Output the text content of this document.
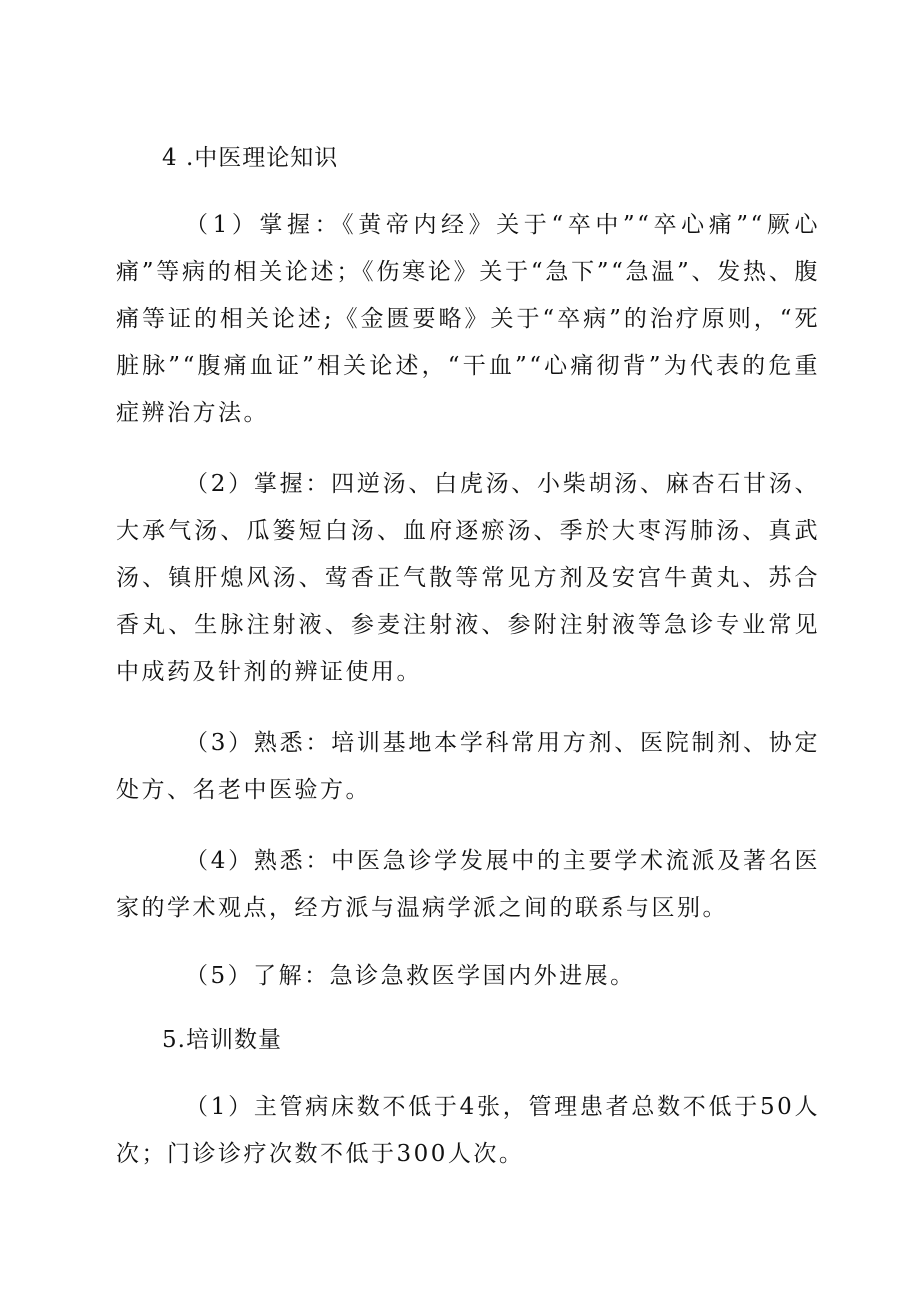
4 .中医理论知识

（1）掌握：《黄帝内经》关于“卒中”“卒心痛”“厥心痛”等病的相关论述；《伤寒论》关于“急下”“急温”、发热、腹痛等证的相关论述;《金匮要略》关于“卒病”的治疗原则，“死脏脉”“腹痛血证”相关论述，“干血”“心痛彻背”为代表的危重症辨治方法。

（2）掌握：四逆汤、白虎汤、小柴胡汤、麻杏石甘汤、大承气汤、瓜篓短白汤、血府逐瘀汤、季於大枣泻肺汤、真武汤、镇肝熄风汤、莺香正气散等常见方剂及安宫牛黄丸、苏合香丸、生脉注射液、参麦注射液、参附注射液等急诊专业常见中成药及针剂的辨证使用。

（3）熟悉：培训基地本学科常用方剂、医院制剂、协定处方、名老中医验方。

（4）熟悉：中医急诊学发展中的主要学术流派及著名医家的学术观点，经方派与温病学派之间的联系与区别。

（5）了解：急诊急救医学国内外进展。

5.培训数量

（1）主管病床数不低于4张，管理患者总数不低于50人次；门诊诊疗次数不低于300人次。
